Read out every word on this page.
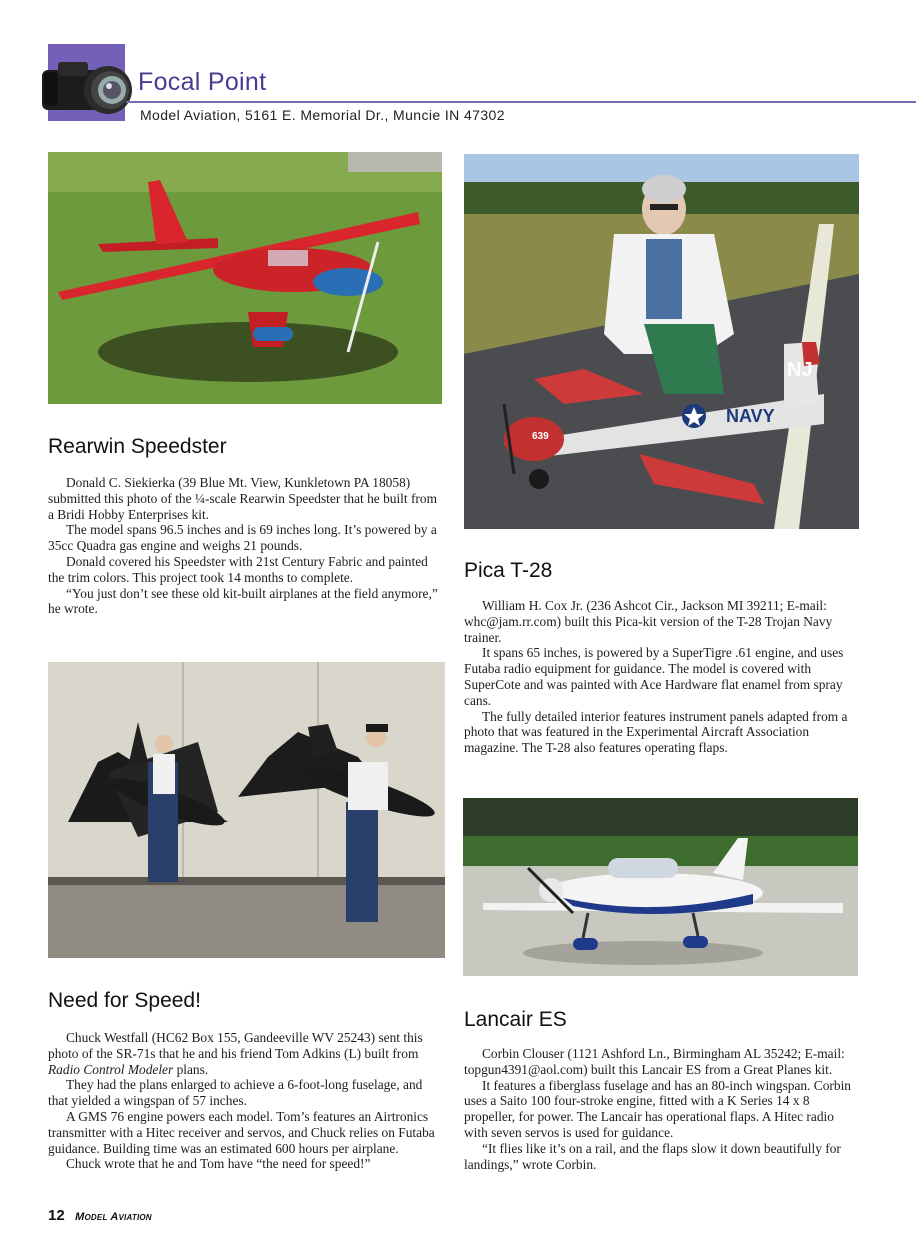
Focal Point
Model Aviation, 5161 E. Memorial Dr., Muncie IN 47302
NAVY
NJ
639
Rearwin Speedster

Donald C. Siekierka (39 Blue Mt. View, Kunkletown PA 18058) submitted this photo of the ¼-scale Rearwin Speedster that he built from a Bridi Hobby Enterprises kit.

The model spans 96.5 inches and is 69 inches long. It’s powered by a 35cc Quadra gas engine and weighs 21 pounds.

Donald covered his Speedster with 21st Century Fabric and painted the trim colors. This project took 14 months to complete.

“You just don’t see these old kit-built airplanes at the field anymore,” he wrote.

Pica T-28

William H. Cox Jr. (236 Ashcot Cir., Jackson MI 39211; E-mail: whc@jam.rr.com) built this Pica-kit version of the T-28 Trojan Navy trainer.

It spans 65 inches, is powered by a SuperTigre .61 engine, and uses Futaba radio equipment for guidance. The model is covered with SuperCote and was painted with Ace Hardware flat enamel from spray cans.

The fully detailed interior features instrument panels adapted from a photo that was featured in the Experimental Aircraft Association magazine. The T-28 also features operating flaps.

Need for Speed!

Chuck Westfall (HC62 Box 155, Gandeeville WV 25243) sent this photo of the SR-71s that he and his friend Tom Adkins (L) built from Radio Control Modeler plans.

They had the plans enlarged to achieve a 6-foot-long fuselage, and that yielded a wingspan of 57 inches.

A GMS 76 engine powers each model. Tom’s features an Airtronics transmitter with a Hitec receiver and servos, and Chuck relies on Futaba guidance. Building time was an estimated 600 hours per airplane.

Chuck wrote that he and Tom have “the need for speed!”

Lancair ES

Corbin Clouser (1121 Ashford Ln., Birmingham AL 35242; E-mail: topgun4391@aol.com) built this Lancair ES from a Great Planes kit.

It features a fiberglass fuselage and has an 80-inch wingspan. Corbin uses a Saito 100 four-stroke engine, fitted with a K Series 14 x 8 propeller, for power. The Lancair has operational flaps. A Hitec radio with seven servos is used for guidance.

“It flies like it’s on a rail, and the flaps slow it down beautifully for landings,” wrote Corbin.

12 Model Aviation
